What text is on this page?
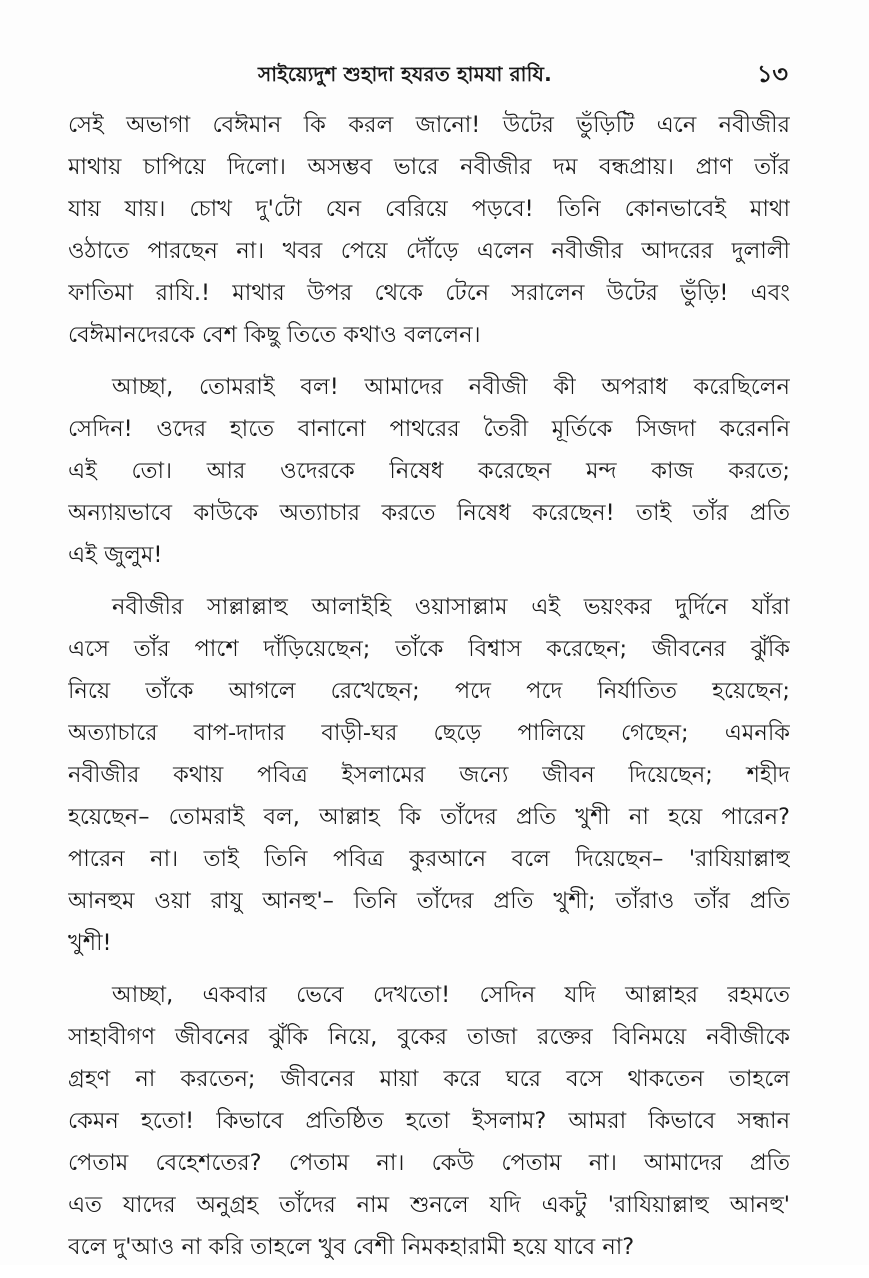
সাইয়্যেদুশ শুহাদা হযরত হামযা রাযি.	১৩

সেই অভাগা বেঈমান কি করল জানো! উটের ভুঁড়িটি এনে নবীজীর
মাথায় চাপিয়ে দিলো। অসম্ভব ভারে নবীজীর দম বন্ধপ্রায়। প্রাণ তাঁর
যায় যায়। চোখ দু'টো যেন বেরিয়ে পড়বে! তিনি কোনভাবেই মাথা
ওঠাতে পারছেন না। খবর পেয়ে দৌঁড়ে এলেন নবীজীর আদরের দুলালী
ফাতিমা রাযি.! মাথার উপর থেকে টেনে সরালেন উটের ভুঁড়ি! এবং
বেঈমানদেরকে বেশ কিছু তিতে কথাও বললেন।

আচ্ছা, তোমরাই বল! আমাদের নবীজী কী অপরাধ করেছিলেন
সেদিন! ওদের হাতে বানানো পাথরের তৈরী মূর্তিকে সিজদা করেননি
এই তো। আর ওদেরকে নিষেধ করেছেন মন্দ কাজ করতে;
অন্যায়ভাবে কাউকে অত্যাচার করতে নিষেধ করেছেন! তাই তাঁর প্রতি
এই জুলুম!

নবীজীর সাল্লাল্লাহু আলাইহি ওয়াসাল্লাম এই ভয়ংকর দুর্দিনে যাঁরা
এসে তাঁর পাশে দাঁড়িয়েছেন; তাঁকে বিশ্বাস করেছেন; জীবনের ঝুঁকি
নিয়ে তাঁকে আগলে রেখেছেন; পদে পদে নির্যাতিত হয়েছেন;
অত্যাচারে বাপ-দাদার বাড়ী-ঘর ছেড়ে পালিয়ে গেছেন; এমনকি
নবীজীর কথায় পবিত্র ইসলামের জন্যে জীবন দিয়েছেন; শহীদ
হয়েছেন– তোমরাই বল, আল্লাহ কি তাঁদের প্রতি খুশী না হয়ে পারেন?
পারেন না। তাই তিনি পবিত্র কুরআনে বলে দিয়েছেন– 'রাযিয়াল্লাহু
আনহুম ওয়া রাযু আনহু'– তিনি তাঁদের প্রতি খুশী; তাঁরাও তাঁর প্রতি
খুশী!

আচ্ছা, একবার ভেবে দেখতো! সেদিন যদি আল্লাহর রহমতে
সাহাবীগণ জীবনের ঝুঁকি নিয়ে, বুকের তাজা রক্তের বিনিময়ে নবীজীকে
গ্রহণ না করতেন; জীবনের মায়া করে ঘরে বসে থাকতেন তাহলে
কেমন হতো! কিভাবে প্রতিষ্ঠিত হতো ইসলাম? আমরা কিভাবে সন্ধান
পেতাম বেহেশতের? পেতাম না। কেউ পেতাম না। আমাদের প্রতি
এত যাদের অনুগ্রহ তাঁদের নাম শুনলে যদি একটু 'রাযিয়াল্লাহু আনহু'
বলে দু'আও না করি তাহলে খুব বেশী নিমকহারামী হয়ে যাবে না?
